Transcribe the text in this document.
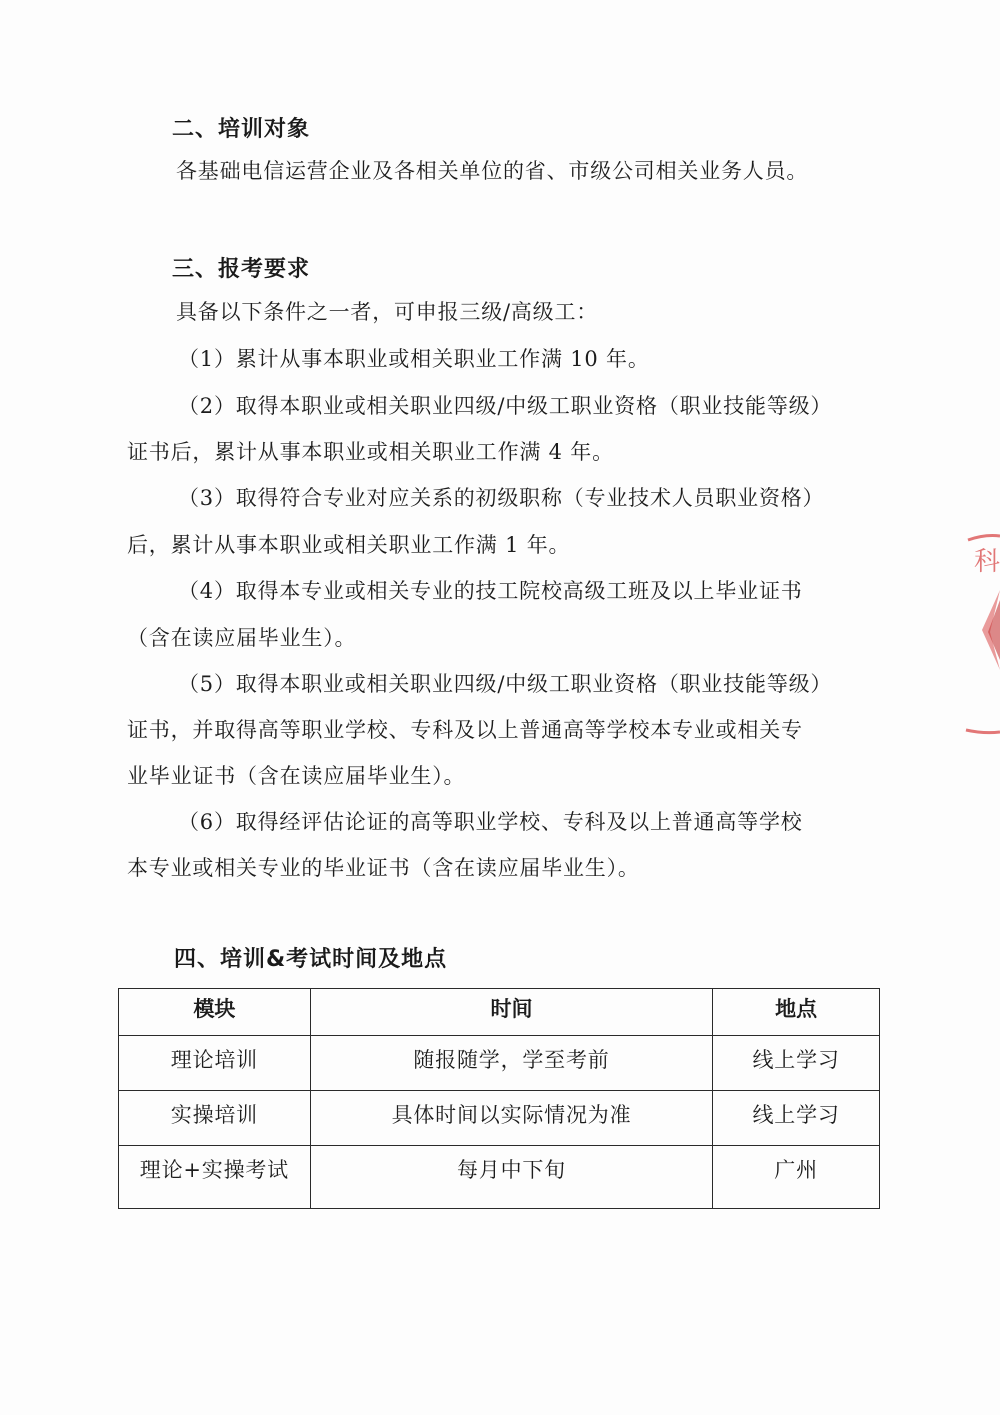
二、培训对象
各基础电信运营企业及各相关单位的省、市级公司相关业务人员。
三、报考要求
具备以下条件之一者，可申报三级/高级工：
（1）累计从事本职业或相关职业工作满 10 年。
（2）取得本职业或相关职业四级/中级工职业资格（职业技能等级）
证书后，累计从事本职业或相关职业工作满 4 年。
（3）取得符合专业对应关系的初级职称（专业技术人员职业资格）
后，累计从事本职业或相关职业工作满 1 年。
（4）取得本专业或相关专业的技工院校高级工班及以上毕业证书
（含在读应届毕业生）。
（5）取得本职业或相关职业四级/中级工职业资格（职业技能等级）
证书，并取得高等职业学校、专科及以上普通高等学校本专业或相关专
业毕业证书（含在读应届毕业生）。
（6）取得经评估论证的高等职业学校、专科及以上普通高等学校
本专业或相关专业的毕业证书（含在读应届毕业生）。
四、培训&考试时间及地点
模块	时间	地点
理论培训	随报随学，学至考前	线上学习
实操培训	具体时间以实际情况为准	线上学习
理论+实操考试	每月中下旬	广州
科
